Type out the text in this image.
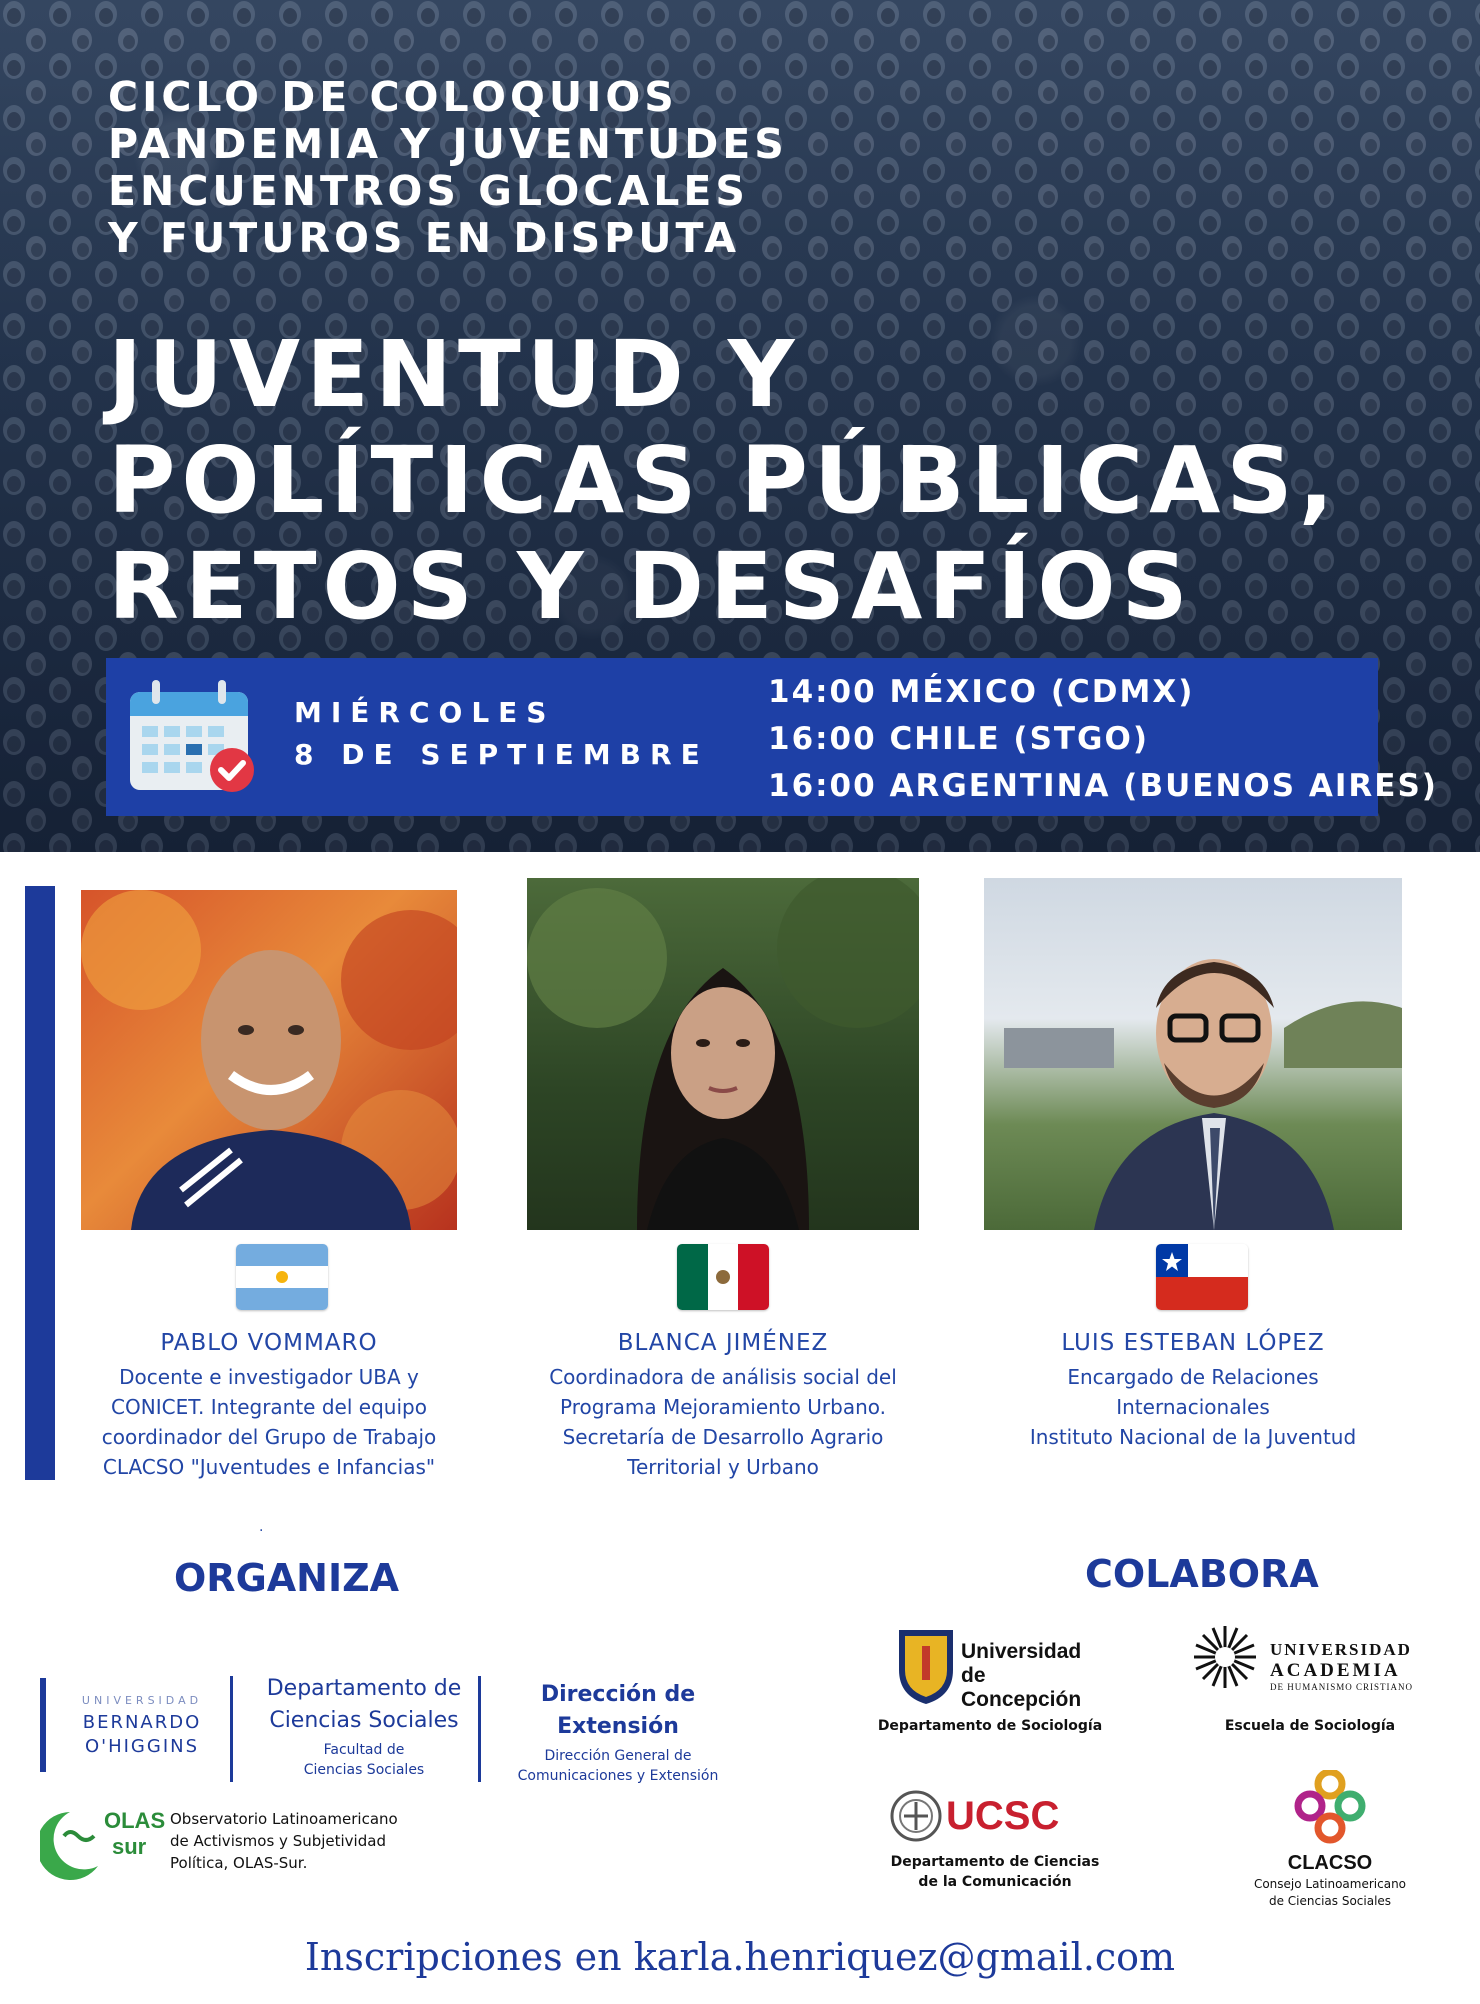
CICLO DE COLOQUIOS
PANDEMIA Y JUVENTUDES
ENCUENTROS GLOCALES
Y FUTUROS EN DISPUTA
JUVENTUD Y
POLÍTICAS PÚBLICAS,
RETOS Y DESAFÍOS
MIÉRCOLES
8 DE SEPTIEMBRE
14:00 MÉXICO (CDMX)
16:00 CHILE (STGO)
16:00 ARGENTINA (BUENOS AIRES)
PABLO VOMMARO
Docente e investigador UBA y
CONICET. Integrante del equipo
coordinador del Grupo de Trabajo
CLACSO "Juventudes e Infancias"
BLANCA JIMÉNEZ
Coordinadora de análisis social del
Programa Mejoramiento Urbano.
Secretaría de Desarrollo Agrario
Territorial y Urbano
LUIS ESTEBAN LÓPEZ
Encargado de Relaciones
Internacionales
Instituto Nacional de la Juventud
.
ORGANIZA
UNIVERSIDAD
BERNARDO
O'HIGGINS
Departamento de
Ciencias Sociales
Facultad de
Ciencias Sociales
Dirección de
Extensión
Dirección General de
Comunicaciones y Extensión
OLAS
sur
Observatorio Latinoamericano
de Activismos y Subjetividad
Política, OLAS-Sur.
COLABORA
Universidad
de Concepción
Departamento de Sociología
UNIVERSIDAD
ACADEMIA
DE HUMANISMO CRISTIANO
Escuela de Sociología
UCSC
Departamento de Ciencias
de la Comunicación
CLACSO
Consejo Latinoamericano
de Ciencias Sociales
Inscripciones en karla.henriquez@gmail.com
